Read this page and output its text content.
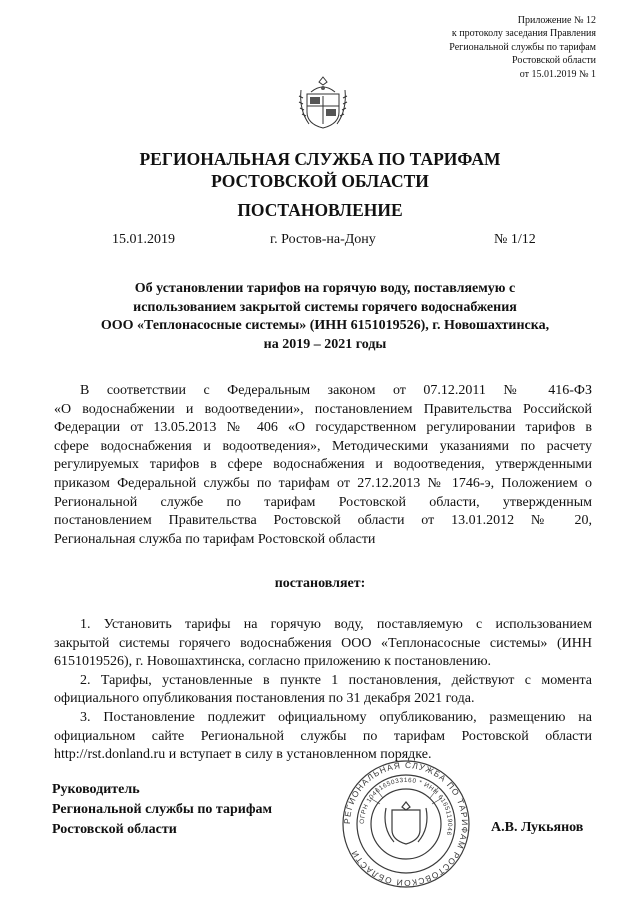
Приложение № 12
к протоколу заседания Правления
Региональной службы по тарифам
Ростовской области
от 15.01.2019 № 1
РЕГИОНАЛЬНАЯ СЛУЖБА ПО ТАРИФАМ
РОСТОВСКОЙ ОБЛАСТИ
ПОСТАНОВЛЕНИЕ
15.01.2019	г. Ростов-на-Дону	№ 1/12
Об установлении тарифов на горячую воду, поставляемую с
использованием закрытой системы горячего водоснабжения
ООО «Теплонасосные системы» (ИНН 6151019526), г. Новошахтинска,
на 2019 – 2021 годы
В соответствии с Федеральным законом от 07.12.2011 № 416-ФЗ
«О водоснабжении и водоотведении», постановлением Правительства Российской
Федерации от 13.05.2013 № 406 «О государственном регулировании тарифов в
сфере водоснабжения и водоотведения», Методическими указаниями по расчету
регулируемых тарифов в сфере водоснабжения и водоотведения, утвержденными
приказом Федеральной службы по тарифам от 27.12.2013 № 1746-э, Положением о
Региональной службе по тарифам Ростовской области, утвержденным
постановлением Правительства Ростовской области от 13.01.2012 № 20,
Региональная служба по тарифам Ростовской области
постановляет:
1. Установить тарифы на горячую воду, поставляемую с использованием
закрытой системы горячего водоснабжения ООО «Теплонасосные системы» (ИНН
6151019526), г. Новошахтинска, согласно приложению к постановлению.
2. Тарифы, установленные в пункте 1 постановления, действуют с момента
официального опубликования постановления по 31 декабря 2021 года.
3. Постановление подлежит официальному опубликованию, размещению на
официальном сайте Региональной службы по тарифам Ростовской области
http://rst.donland.ru и вступает в силу в установленном порядке.
РЕГИОНАЛЬНАЯ СЛУЖБА ПО ТАРИФАМ РОСТОВСКОЙ ОБЛАСТИ
ОГРН 1046165033160 * ИНН 6165119046
Руководитель
Региональной службы по тарифам
Ростовской области	А.В. Лукьянов
